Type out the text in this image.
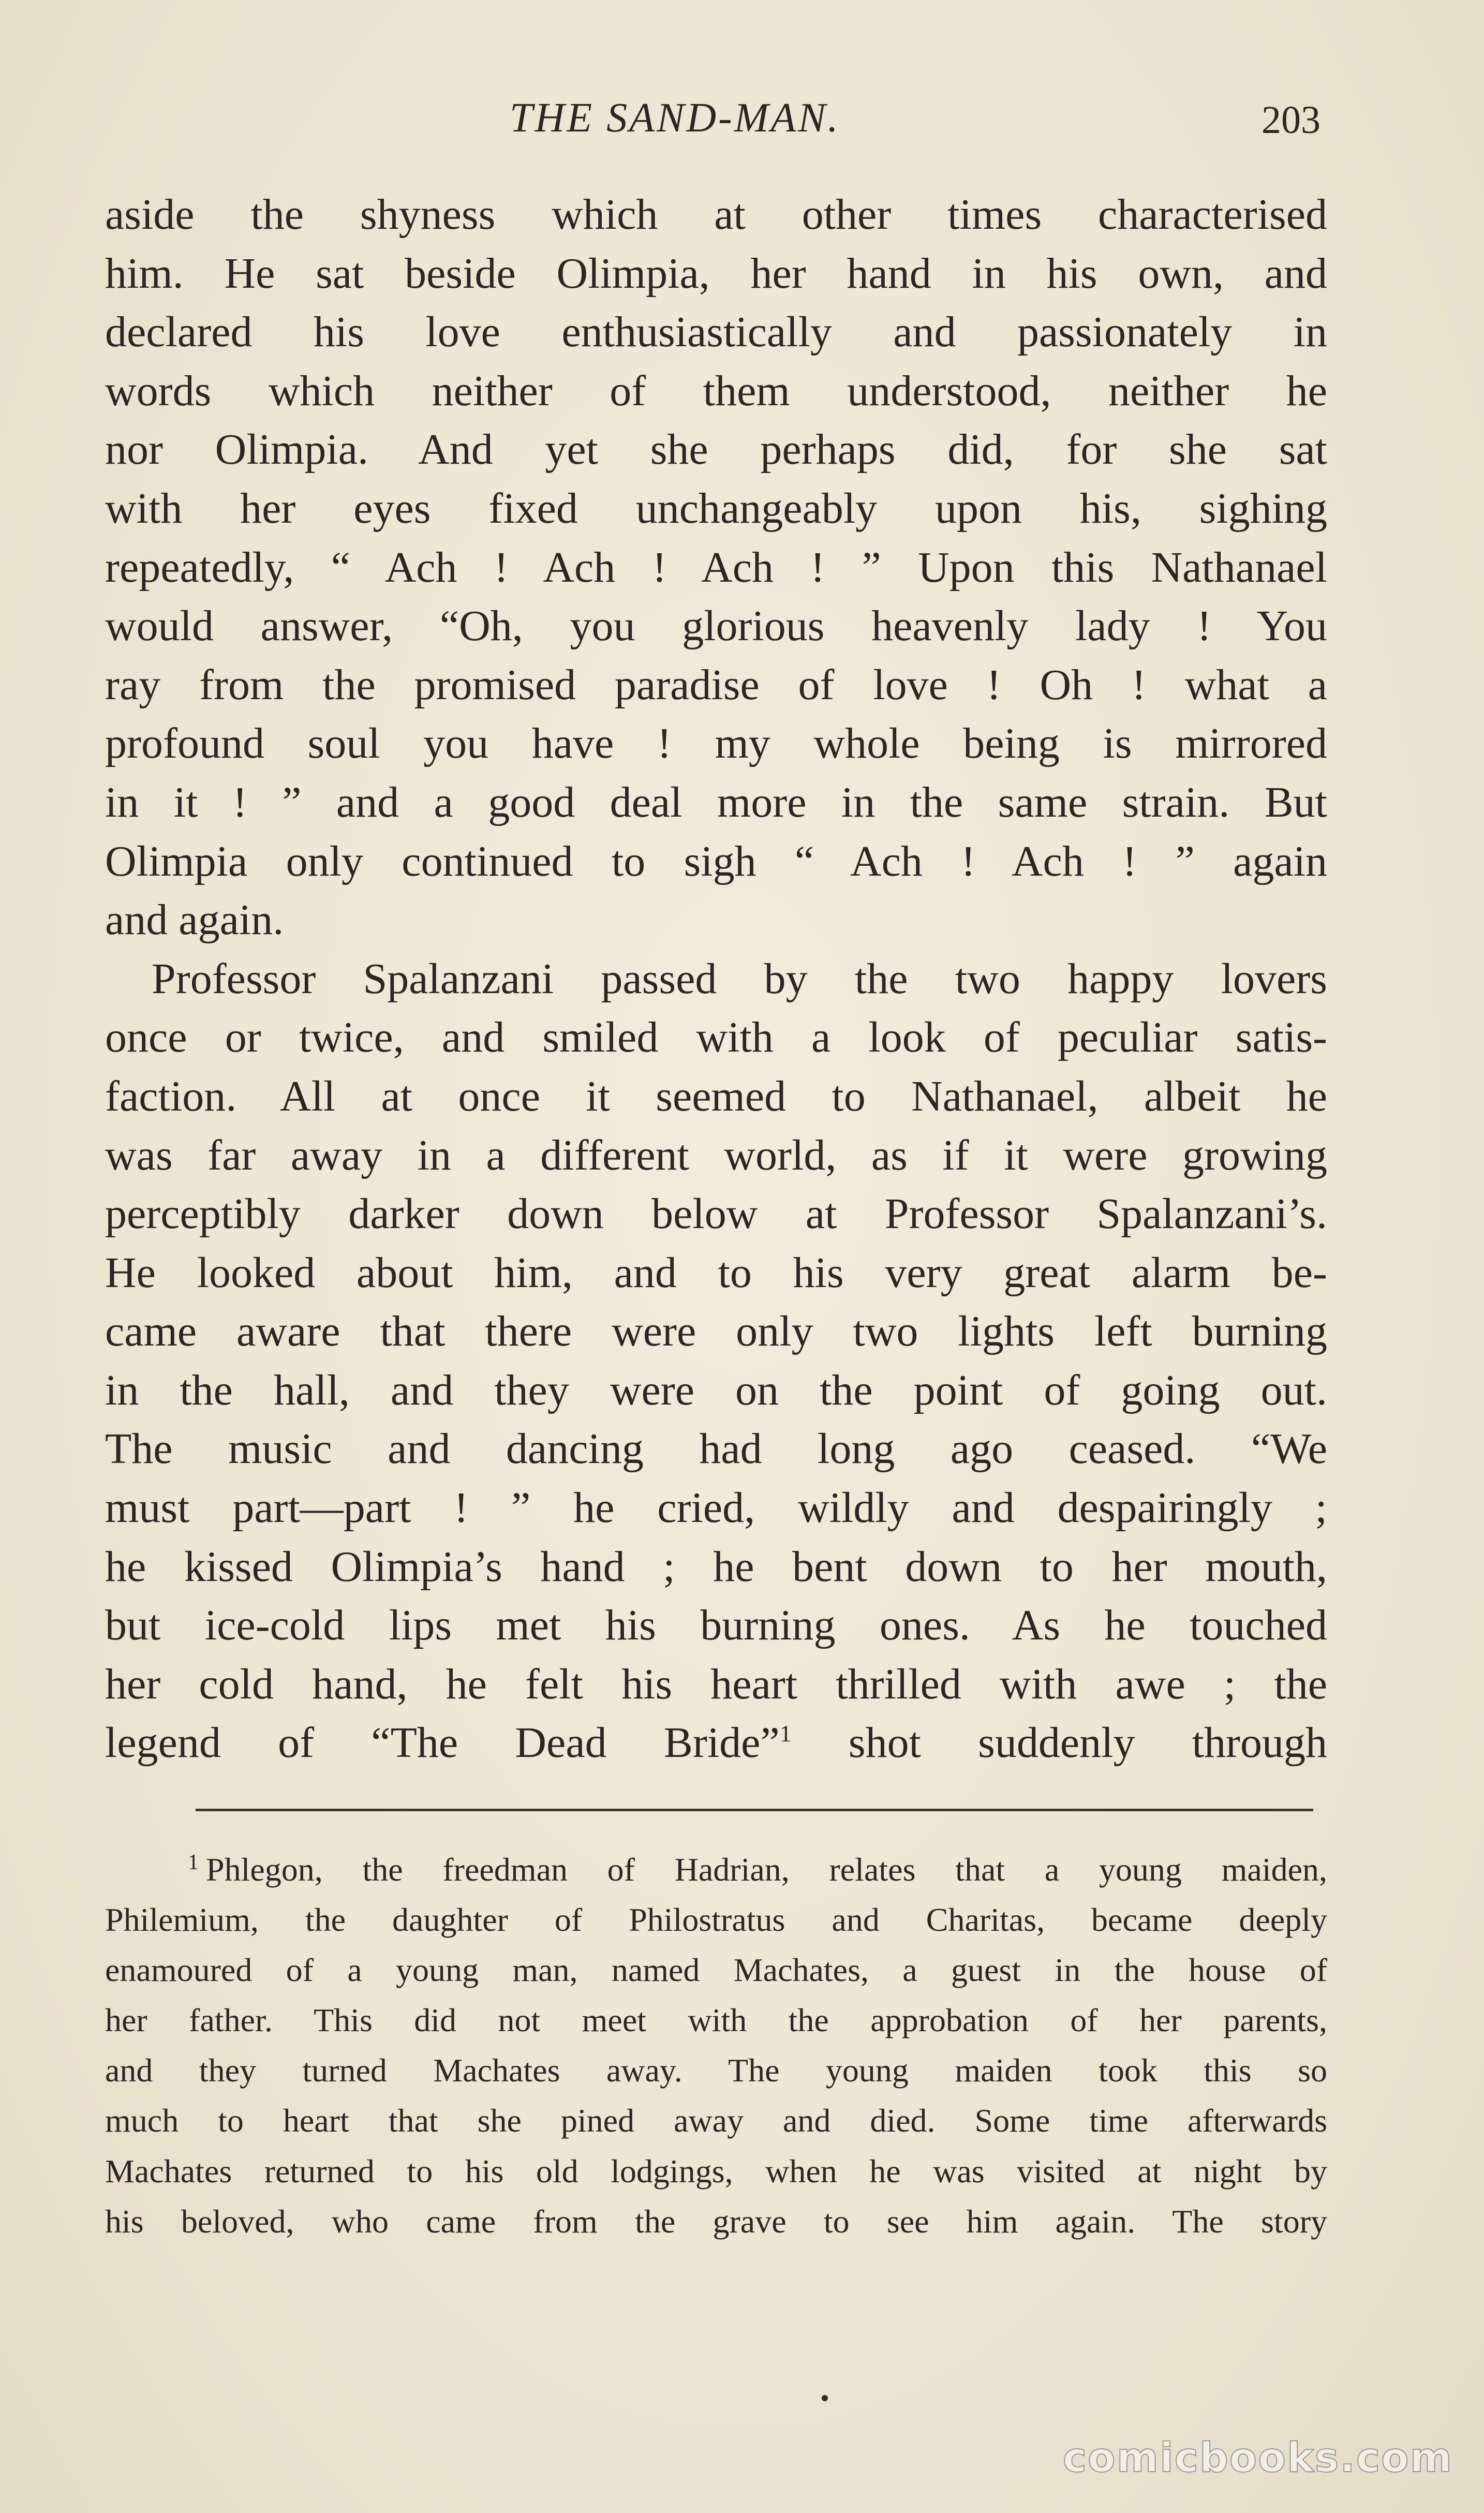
THE SAND-MAN.	203
aside the shyness which at other times characterised
him. He sat beside Olimpia, her hand in his own, and
declared his love enthusiastically and passionately in
words which neither of them understood, neither he
nor Olimpia. And yet she perhaps did, for she sat
with her eyes fixed unchangeably upon his, sighing
repeatedly, “ Ach ! Ach ! Ach ! ” Upon this Nathanael
would answer, “Oh, you glorious heavenly lady ! You
ray from the promised paradise of love ! Oh ! what a
profound soul you have ! my whole being is mirrored
in it ! ” and a good deal more in the same strain. But
Olimpia only continued to sigh “ Ach ! Ach ! ” again
and again.
Professor Spalanzani passed by the two happy lovers
once or twice, and smiled with a look of peculiar satis-
faction. All at once it seemed to Nathanael, albeit he
was far away in a different world, as if it were growing
perceptibly darker down below at Professor Spalanzani’s.
He looked about him, and to his very great alarm be-
came aware that there were only two lights left burning
in the hall, and they were on the point of going out.
The music and dancing had long ago ceased. “We
must part—part ! ” he cried, wildly and despairingly ;
he kissed Olimpia’s hand ; he bent down to her mouth,
but ice-cold lips met his burning ones. As he touched
her cold hand, he felt his heart thrilled with awe ; the
legend of “The Dead Bride”$^1$ shot suddenly through
$^1$ Phlegon, the freedman of Hadrian, relates that a young maiden,
Philemium, the daughter of Philostratus and Charitas, became deeply
enamoured of a young man, named Machates, a guest in the house of
her father. This did not meet with the approbation of her parents,
and they turned Machates away. The young maiden took this so
much to heart that she pined away and died. Some time afterwards
Machates returned to his old lodgings, when he was visited at night by
his beloved, who came from the grave to see him again. The story
comicbooks.com
